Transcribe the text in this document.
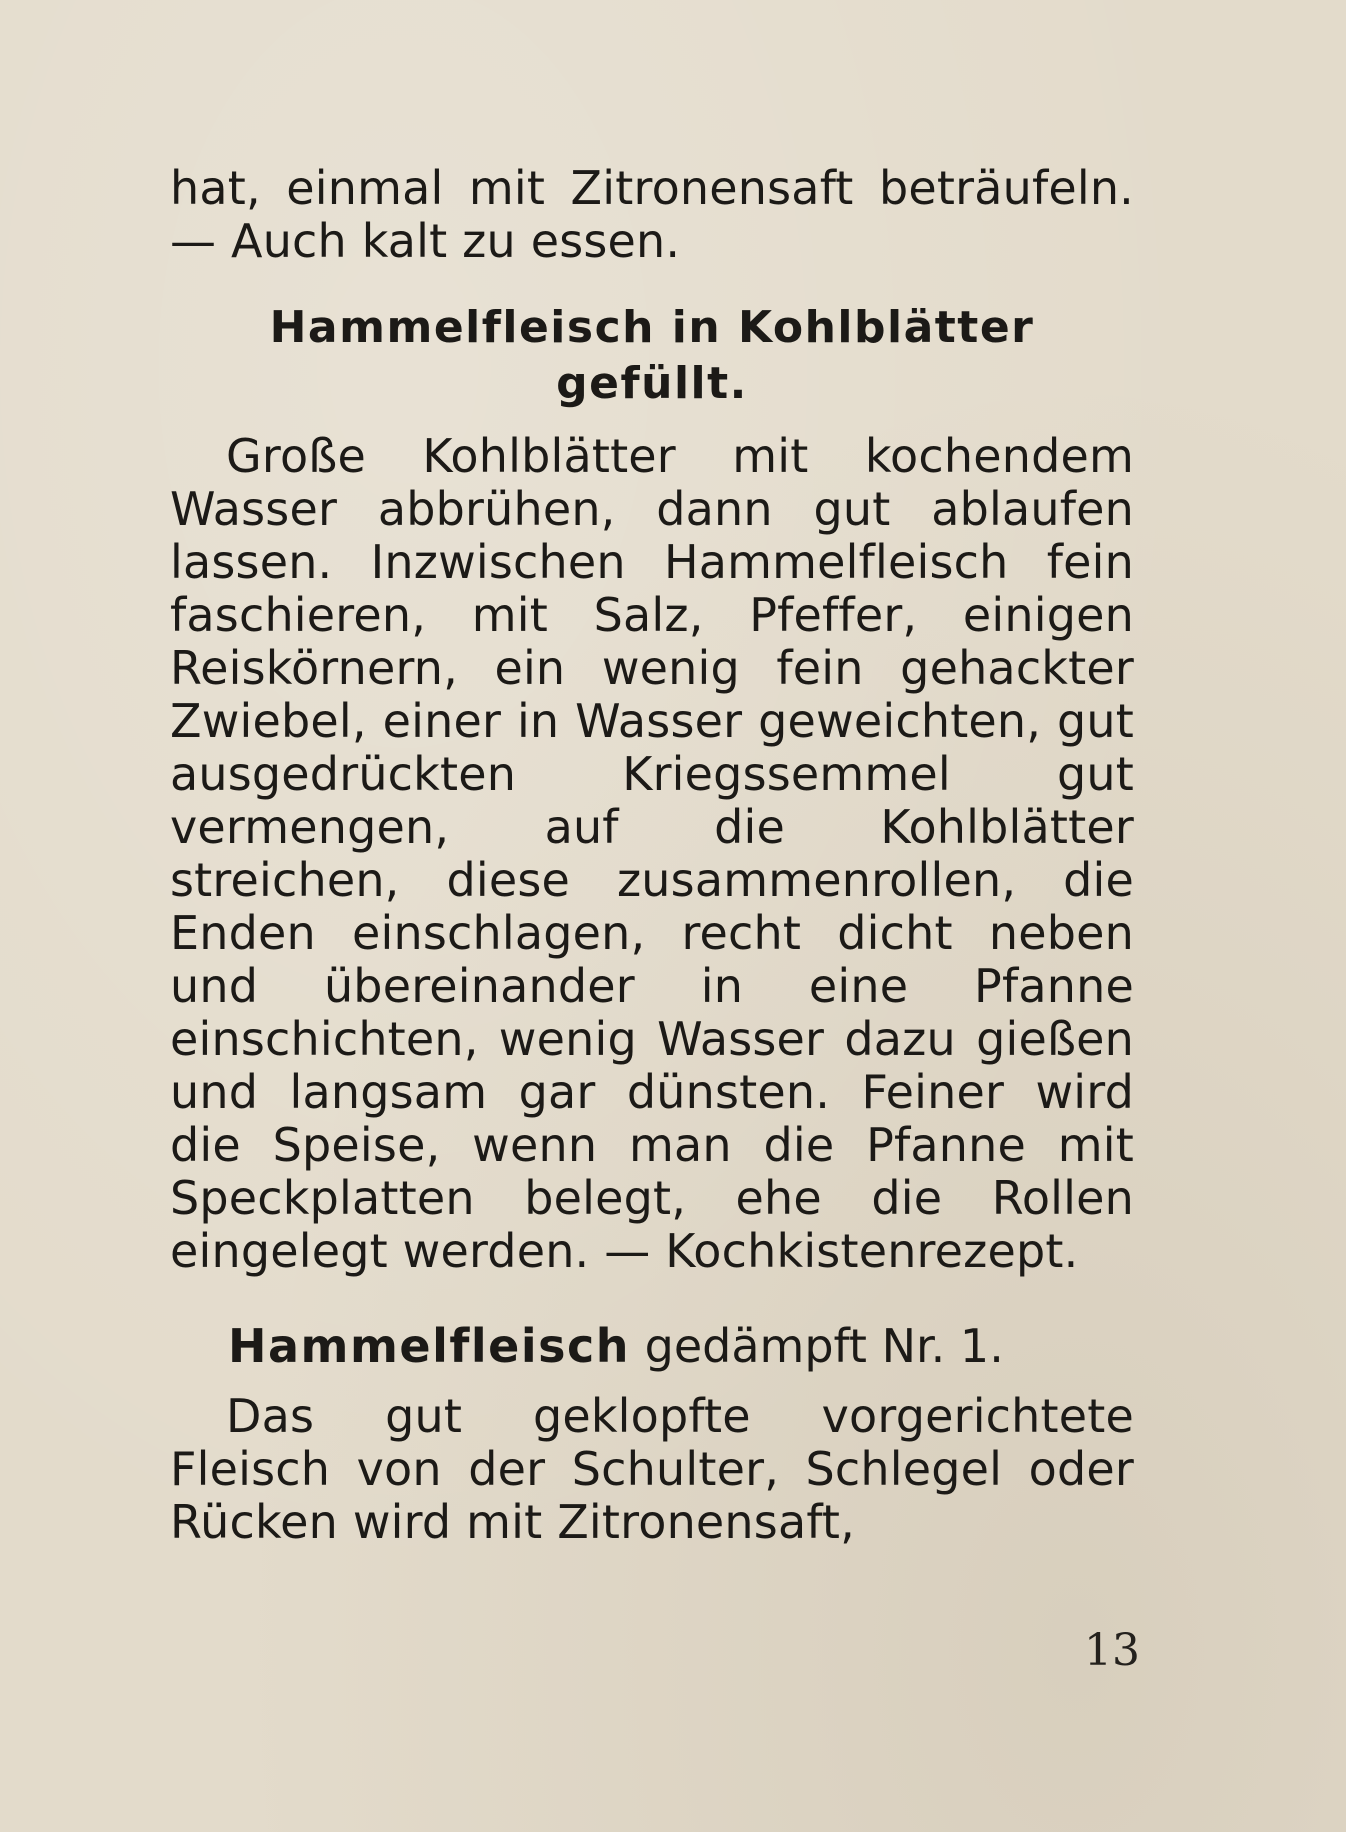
hat, einmal mit Zitronensaft beträufeln. — Auch kalt zu essen.

Hammelfleisch in Kohlblätter gefüllt.

Große Kohlblätter mit kochendem Wasser abbrühen, dann gut ablaufen lassen. Inzwischen Hammelfleisch fein faschieren, mit Salz, Pfeffer, einigen Reiskörnern, ein wenig fein gehackter Zwiebel, einer in Wasser geweichten, gut ausgedrückten Kriegssemmel gut vermengen, auf die Kohlblätter streichen, diese zusammenrollen, die Enden einschlagen, recht dicht neben und übereinander in eine Pfanne einschichten, wenig Wasser dazu gießen und langsam gar dünsten. Feiner wird die Speise, wenn man die Pfanne mit Speckplatten belegt, ehe die Rollen eingelegt werden. — Kochkistenrezept.

Hammelfleisch gedämpft Nr. 1.

Das gut geklopfte vorgerichtete Fleisch von der Schulter, Schlegel oder Rücken wird mit Zitronensaft,

13
